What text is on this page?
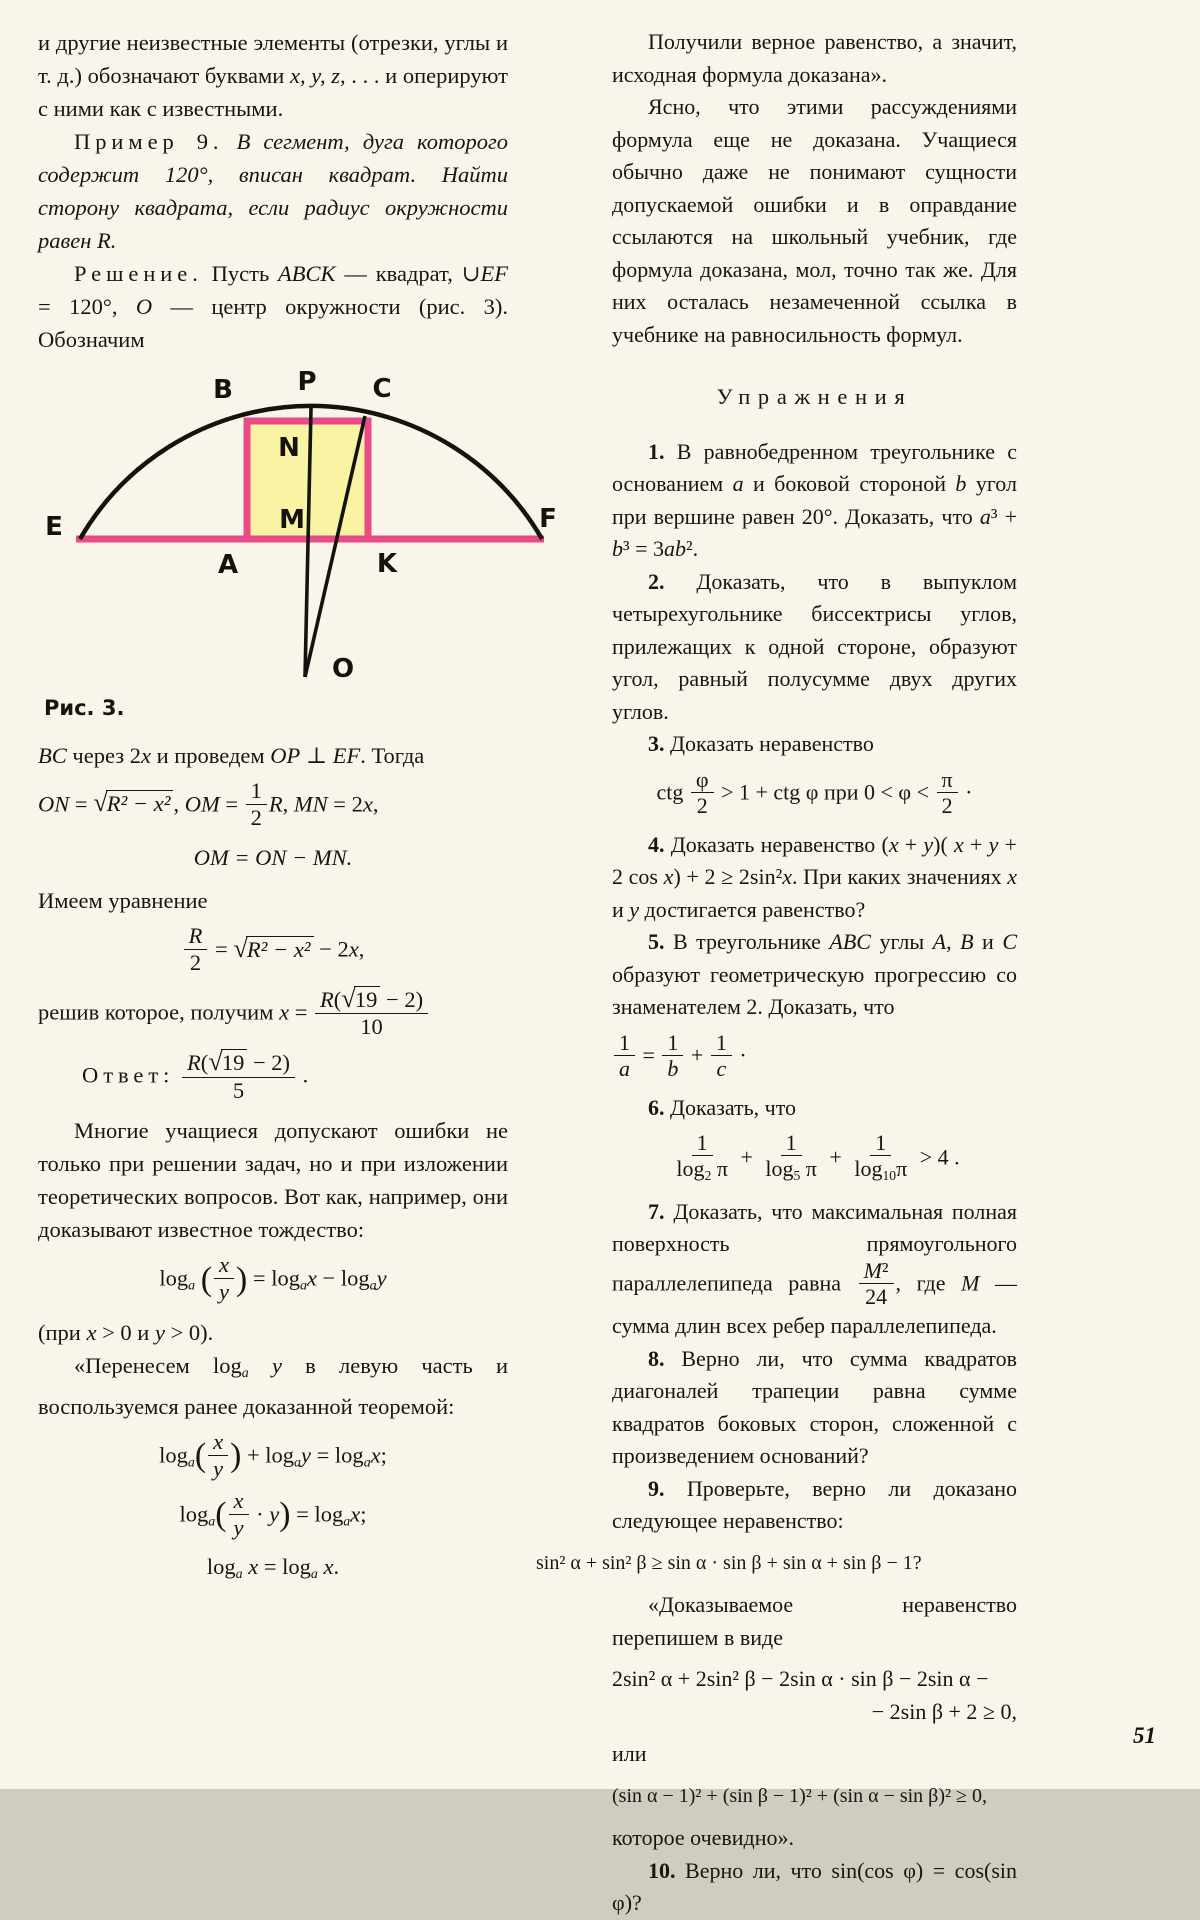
и другие неизвестные элементы (отрезки, углы и т. д.) обозначают буквами x, y, z, . . . и оперируют с ними как с известными.

Пример 9. В сегмент, дуга которого содержит 120°, вписан квадрат. Найти сторону квадрата, если радиус окружности равен R.

Решение. Пусть ABCK — квадрат, ∪EF = 120°, O — центр окружности (рис. 3). Обозначим

B P C
E	F
N
M
A	K
O
Рис. 3.

BC через 2x и проведем OP ⊥ EF. Тогда

ON = √R² − x² , OM = $\frac{1}{2} R$, MN = 2x,
OM = ON − MN.

Имеем уравнение

$\frac{R}{2} = √R^2 - x^2 - 2x$,

решив которое, получим $x = \frac{R(√19 - 2)}{10}$

Ответ: $\frac{R(√19 - 2)}{5}$ .

Многие учащиеся допускают ошибки не только при решении задач, но и при изложении теоретических вопросов. Вот как, например, они доказывают известное тождество:

$\log_a$ ( $\frac{x}{y}$ ) = $\log_ax - \log_ay$

(при x > 0 и y > 0).

«Перенесем $\log_a y$ в левую часть и воспользуемся ранее доказанной теоремой:

$\log_a( \frac{x}{y}$ ) + $\log_ay = \log_ax$;
$\log_a( \frac{x}{y} \cdot y) = \log_ax$;
$\log_a x = \log_a x$.

Получили верное равенство, а значит, исходная формула доказана».

Ясно, что этими рассуждениями формула еще не доказана. Учащиеся обычно даже не понимают сущности допускаемой ошибки и в оправдание ссылаются на школьный учебник, где формула доказана, мол, точно так же. Для них осталась незамеченной ссылка в учебнике на равносильность формул.

Упражнения

1. В равнобедренном треугольнике с основанием a и боковой стороной b угол при вершине равен 20°. Доказать, что a³ + b³ = 3ab².

2. Доказать, что в выпуклом четырехугольнике биссектрисы углов, прилежащих к одной стороне, образуют угол, равный полусумме двух других углов.

3. Доказать неравенство

ctg $\frac{\varphi}{2} > 1$ + ctg φ при $0 < \varphi < \frac{\pi}{2}$ ·

4. Доказать неравенство (x + y)( x + y + 2 cos x) + 2 ≥ 2sin²x. При каких значениях x и y достигается равенство?

5. В треугольнике ABC углы A, B и C образуют геометрическую прогрессию со знаменателем 2. Доказать, что

$\frac{1}{a} = \frac{1}{b} + \frac{1}{c}$ ·

6. Доказать, что

$\frac{1}{\log_2 \pi} + \frac{1}{\log_5 \pi} + \frac{1}{\log_{10}\pi} > 4$ .

7. Доказать, что максимальная полная поверхность прямоугольного параллелепипеда равна $\frac{\text{M²}}{24}$ , где M — сумма длин всех ребер параллелепипеда.

8. Верно ли, что сумма квадратов диагоналей трапеции равна сумме квадратов боковых сторон, сложенной с произведением оснований?

9. Проверьте, верно ли доказано следующее неравенство:

sin² α + sin² β ≥ sin α · sin β + sin α + sin β − 1?

«Доказываемое неравенство перепишем в виде

2sin² α + 2sin² β − 2sin α · sin β − 2sin α −
− 2sin β + 2 ≥ 0,

или

(sin α − 1)² + (sin β − 1)² + (sin α − sin β)² ≥ 0,

которое очевидно».

10. Верно ли, что sin(cos φ) = cos(sin φ)?

51
